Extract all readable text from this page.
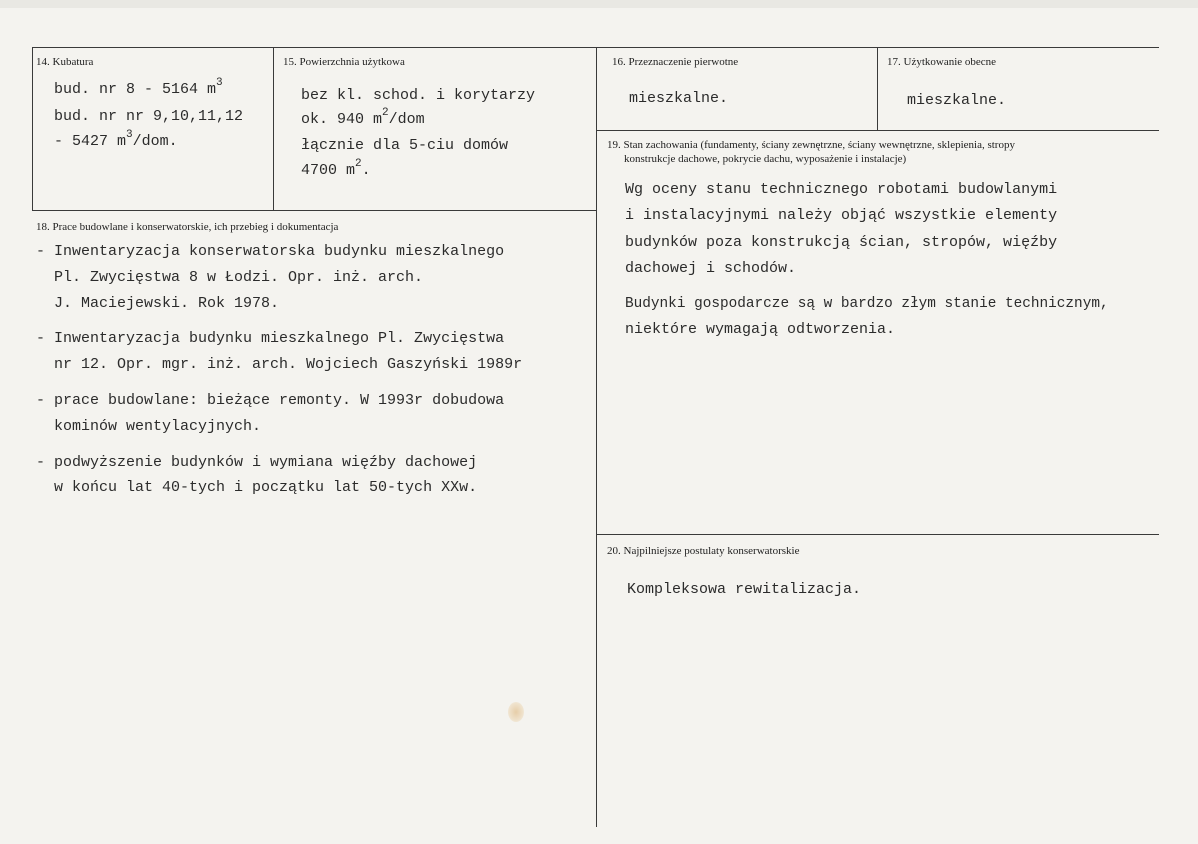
14. Kubatura
bud. nr 8 - 5164 $m^3$
bud. nr nr 9,10,11,12
- 5427 $m^3$/dom.
15. Powierzchnia użytkowa
bez kl. schod. i korytarzy
ok. 940 $m^2$/dom
łącznie dla 5-ciu domów
4700 $m^2$.
16. Przeznaczenie pierwotne
mieszkalne.
17. Użytkowanie obecne
mieszkalne.
18. Prace budowlane i konserwatorskie, ich przebieg i dokumentacja
- Inwentaryzacja konserwatorska budynku mieszkalnego
Pl. Zwycięstwa 8 w Łodzi. Opr. inż. arch.
J. Maciejewski. Rok 1978.
- Inwentaryzacja budynku mieszkalnego Pl. Zwycięstwa
nr 12. Opr. mgr. inż. arch. Wojciech Gaszyński 1989r
- prace budowlane: bieżące remonty. W 1993r dobudowa
kominów wentylacyjnych.
- podwyższenie budynków i wymiana więźby dachowej
w końcu lat 40-tych i początku lat 50-tych XXw.
19. Stan zachowania (fundamenty, ściany zewnętrzne, ściany wewnętrzne, sklepienia, stropy
konstrukcje dachowe, pokrycie dachu, wyposażenie i instalacje)
Wg oceny stanu technicznego robotami budowlanymi
i instalacyjnymi należy objąć wszystkie elementy
budynków poza konstrukcją ścian, stropów, więźby
dachowej i schodów.
Budynki gospodarcze są w bardzo złym stanie technicznym,
niektóre wymagają odtworzenia.
20. Najpilniejsze postulaty konserwatorskie
Kompleksowa rewitalizacja.
